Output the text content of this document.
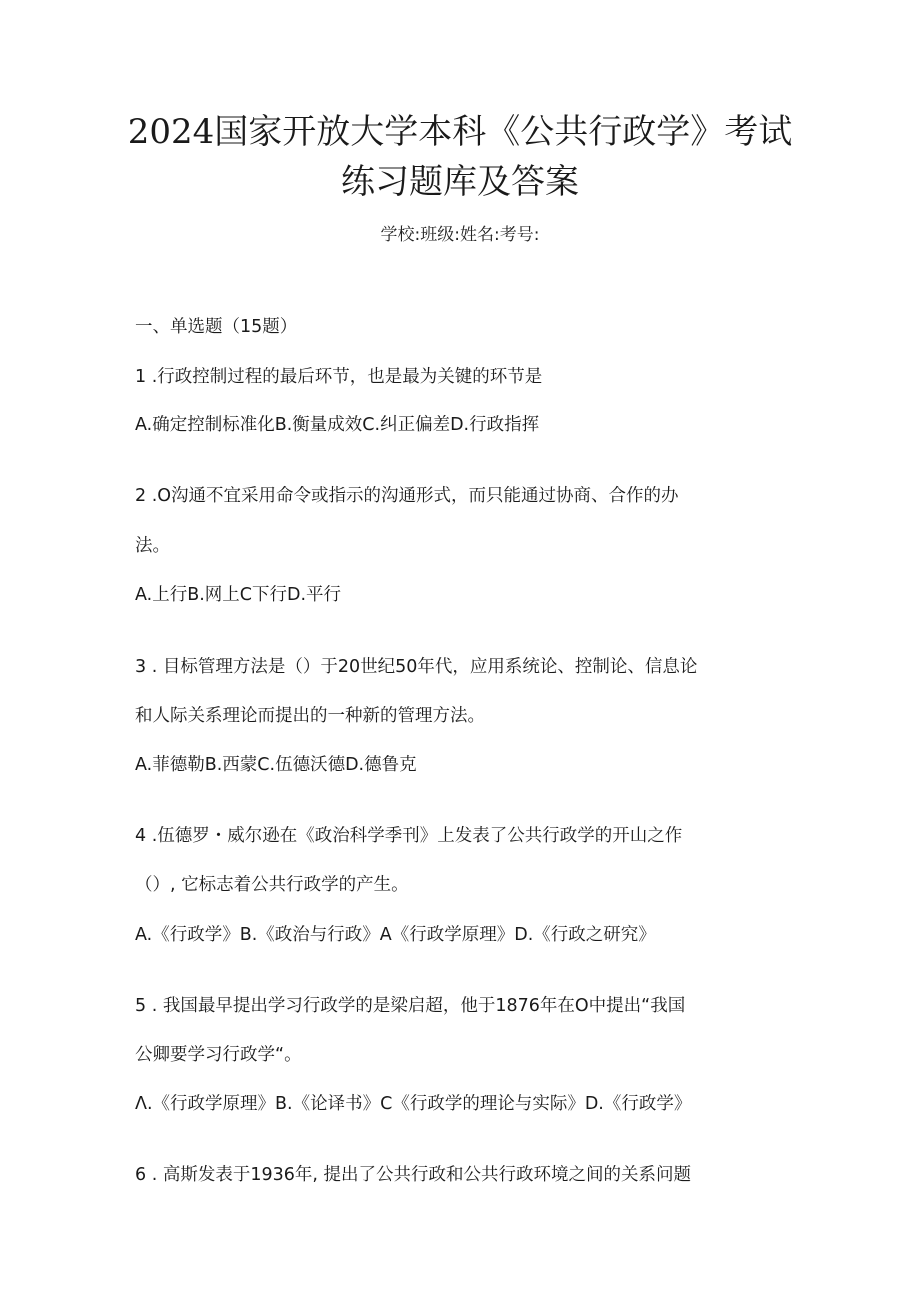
2024国家开放大学本科《公共行政学》考试
练习题库及答案
学校:班级:姓名:考号:
一、单选题（15题）
1 .行政控制过程的最后环节，也是最为关键的环节是
A.确定控制标准化B.衡量成效C.纠正偏差D.行政指挥
2 .O沟通不宜采用命令或指示的沟通形式，而只能通过协商、合作的办
法。
A.上行B.网上C下行D.平行
3 . 目标管理方法是（）于20世纪50年代，应用系统论、控制论、信息论
和人际关系理论而提出的一种新的管理方法。
A.菲德勒B.西蒙C.伍德沃德D.德鲁克
4 .伍德罗・威尔逊在《政治科学季刊》上发表了公共行政学的开山之作
（）, 它标志着公共行政学的产生。
A.《行政学》B.《政治与行政》A《行政学原理》D.《行政之研究》
5 . 我国最早提出学习行政学的是梁启超，他于1876年在O中提出“我国
公卿要学习行政学“。
Λ.《行政学原理》B.《论译书》C《行政学的理论与实际》D.《行政学》
6 . 高斯发表于1936年, 提出了公共行政和公共行政环境之间的关系问题
